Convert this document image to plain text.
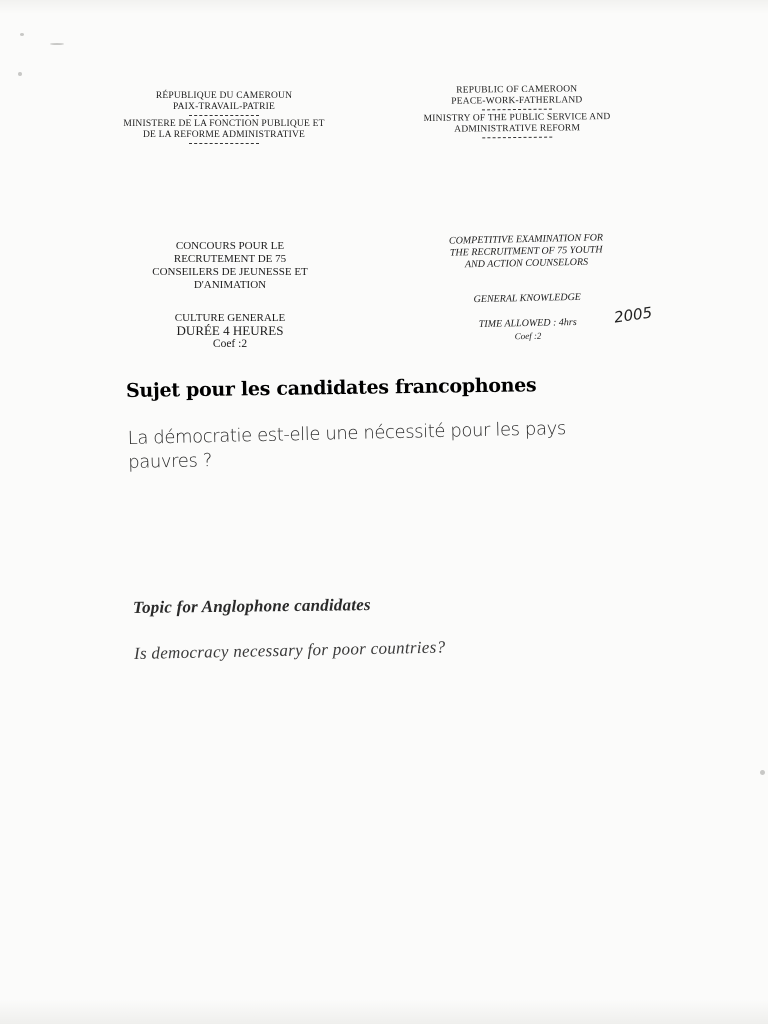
RÉPUBLIQUE DU CAMEROUN
PAIX-TRAVAIL-PATRIE
MINISTERE DE LA FONCTION PUBLIQUE ET
DE LA REFORME ADMINISTRATIVE
REPUBLIC OF CAMEROON
PEACE-WORK-FATHERLAND
MINISTRY OF THE PUBLIC SERVICE AND
ADMINISTRATIVE REFORM
CONCOURS POUR LE
RECRUTEMENT DE 75
CONSEILERS DE JEUNESSE ET
D'ANIMATION
CULTURE GENERALE
DURÉE 4 HEURES
Coef :2
COMPETITIVE EXAMINATION FOR
THE RECRUITMENT OF 75 YOUTH
AND ACTION COUNSELORS
GENERAL KNOWLEDGE
TIME ALLOWED : 4hrs
Coef :2
2005
Sujet pour les candidates francophones
La démocratie est-elle une nécessité pour les pays pauvres ?
Topic for Anglophone candidates
Is democracy necessary for poor countries?
